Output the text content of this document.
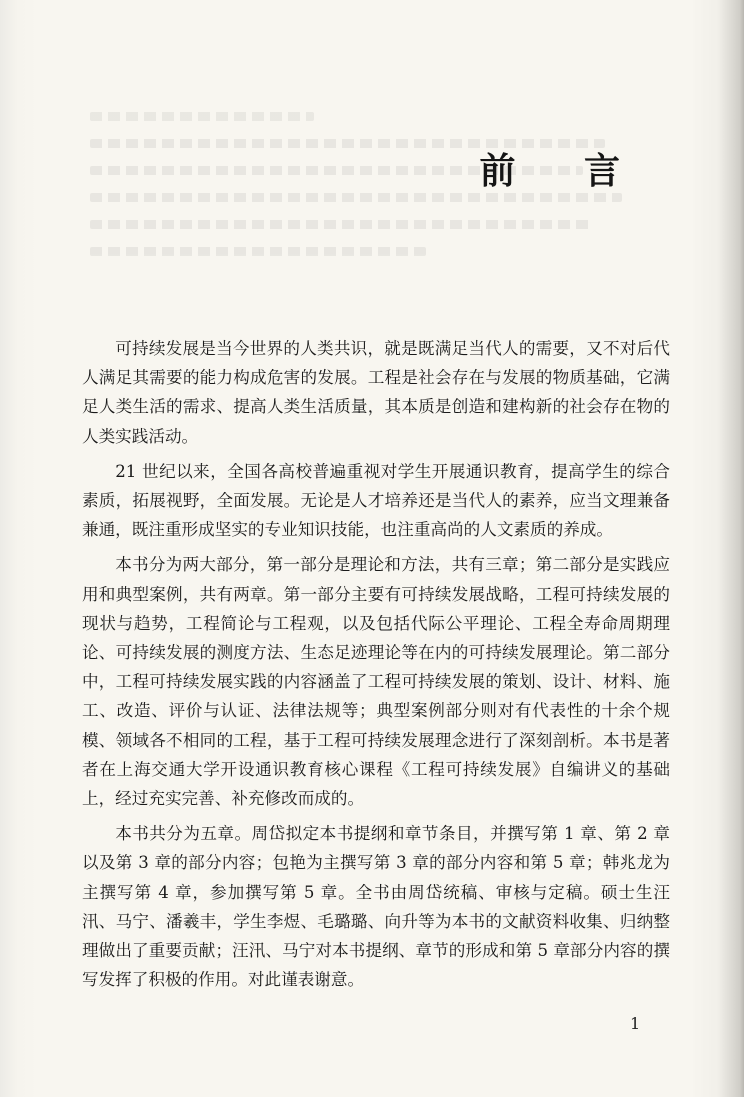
前 言

可持续发展是当今世界的人类共识，就是既满足当代人的需要，又不对后代人满足其需要的能力构成危害的发展。工程是社会存在与发展的物质基础，它满足人类生活的需求、提高人类生活质量，其本质是创造和建构新的社会存在物的人类实践活动。

21 世纪以来，全国各高校普遍重视对学生开展通识教育，提高学生的综合素质，拓展视野，全面发展。无论是人才培养还是当代人的素养，应当文理兼备兼通，既注重形成坚实的专业知识技能，也注重高尚的人文素质的养成。

本书分为两大部分，第一部分是理论和方法，共有三章；第二部分是实践应用和典型案例，共有两章。第一部分主要有可持续发展战略，工程可持续发展的现状与趋势，工程简论与工程观，以及包括代际公平理论、工程全寿命周期理论、可持续发展的测度方法、生态足迹理论等在内的可持续发展理论。第二部分中，工程可持续发展实践的内容涵盖了工程可持续发展的策划、设计、材料、施工、改造、评价与认证、法律法规等；典型案例部分则对有代表性的十余个规模、领域各不相同的工程，基于工程可持续发展理念进行了深刻剖析。本书是著者在上海交通大学开设通识教育核心课程《工程可持续发展》自编讲义的基础上，经过充实完善、补充修改而成的。

本书共分为五章。周岱拟定本书提纲和章节条目，并撰写第 1 章、第 2 章以及第 3 章的部分内容；包艳为主撰写第 3 章的部分内容和第 5 章；韩兆龙为主撰写第 4 章，参加撰写第 5 章。全书由周岱统稿、审核与定稿。硕士生汪汛、马宁、潘羲丰，学生李煜、毛璐璐、向升等为本书的文献资料收集、归纳整理做出了重要贡献；汪汛、马宁对本书提纲、章节的形成和第 5 章部分内容的撰写发挥了积极的作用。对此谨表谢意。

1
